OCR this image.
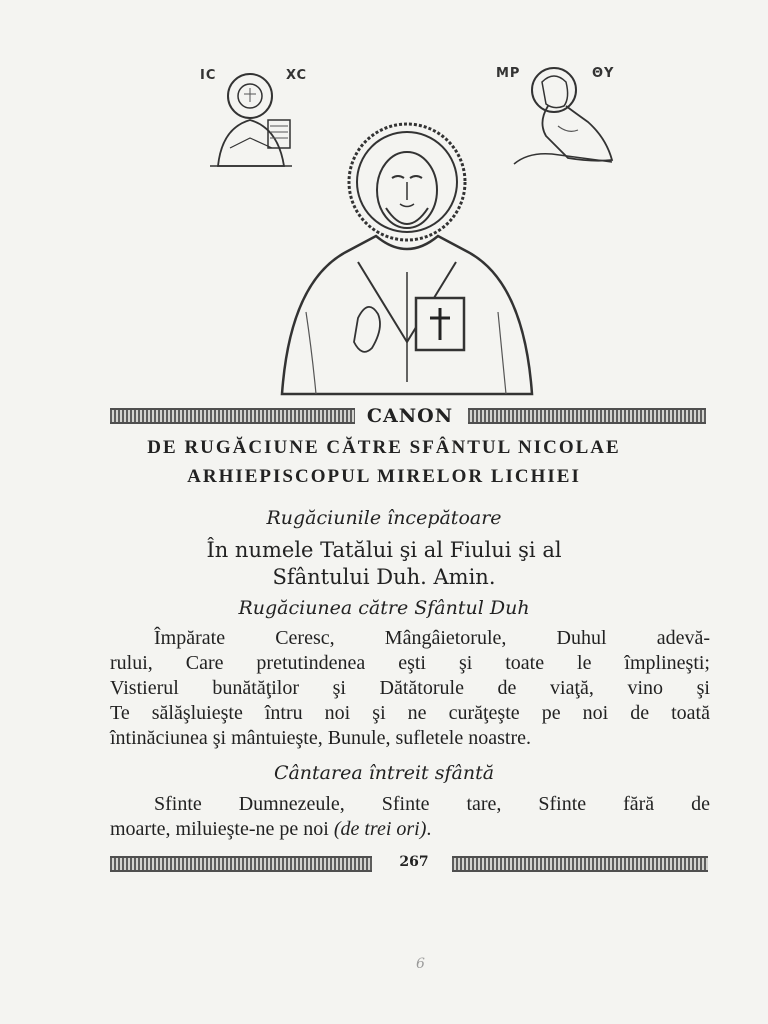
IC	XC	MP	ΘY
CANON
DE RUGĂCIUNE CĂTRE SFÂNTUL NICOLAE
ARHIEPISCOPUL MIRELOR LICHIEI
Rugăciunile începătoare
În numele Tatălui şi al Fiului şi al
Sfântului Duh. Amin.
Rugăciunea către Sfântul Duh
Împărate Ceresc, Mângâietorule, Duhul adevă-
rului, Care pretutindenea eşti şi toate le împlineşti;
Vistierul bunătăţilor şi Dătătorule de viaţă, vino şi
Te sălăşluieşte întru noi şi ne curăţeşte pe noi de toată
întinăciunea şi mântuieşte, Bunule, sufletele noastre.
Cântarea întreit sfântă
Sfinte Dumnezeule, Sfinte tare, Sfinte fără de
moarte, miluieşte-ne pe noi (de trei ori).
267
6
